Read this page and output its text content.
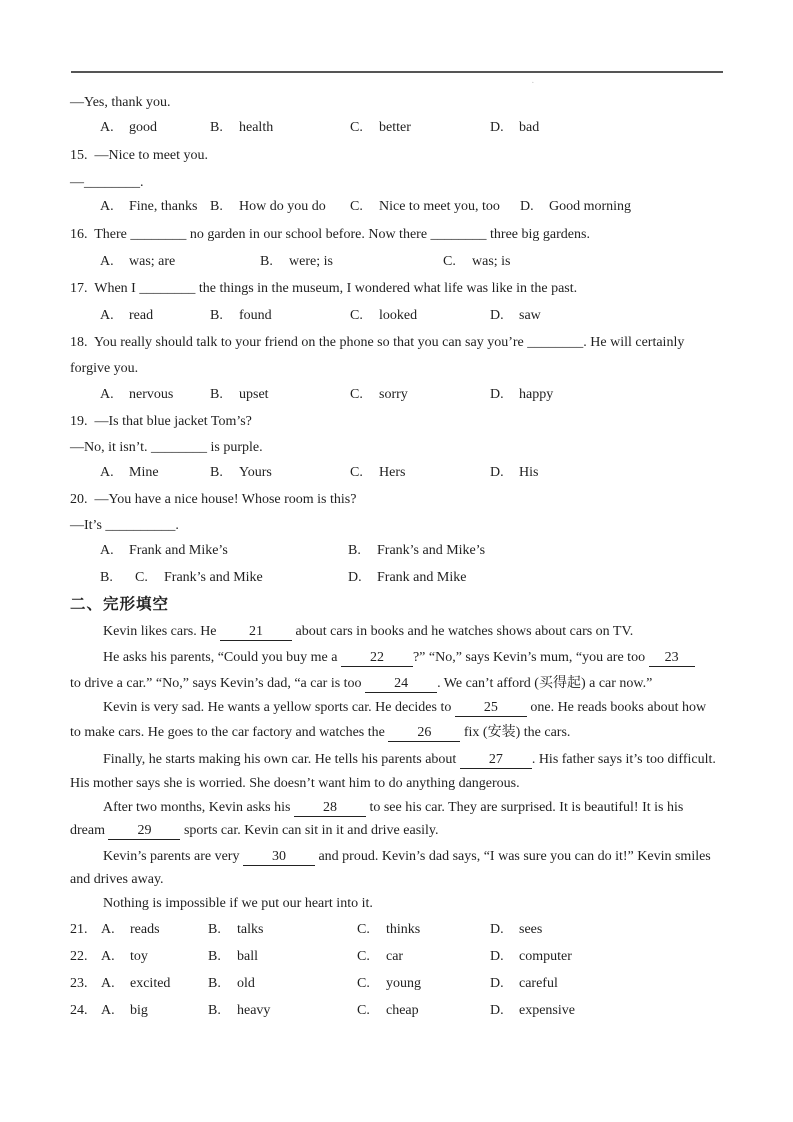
·
—Yes, thank you.
A. good	B. health	C. better	D. bad
15.  —Nice to meet you.
—________.
A. Fine, thanks B. How do you do C. Nice to meet you, too D. Good morning
16.  There ________ no garden in our school before. Now there ________ three big gardens.
A. was; are	B. were; is	C. was; is
17.  When I ________ the things in the museum, I wondered what life was like in the past.
A. read	B. found	C. looked	D. saw
18.  You really should talk to your friend on the phone so that you can say you’re ________. He will certainly
forgive you.
A. nervous	B. upset	C. sorry	D. happy
19.  —Is that blue jacket Tom’s?
—No, it isn’t. ________ is purple.
A. Mine	B. Yours	C. Hers	D. His
20.  —You have a nice house! Whose room is this?
—It’s __________.
A. Frank and Mike’s	B. Frank’s and Mike’s
B.	C. Frank’s and Mike	D. Frank and Mike
二、完形填空
Kevin likes cars. He 21 about cars in books and he watches shows about cars on TV.
He asks his parents, “Could you buy me a 22 ?” “No,” says Kevin’s mum, “you are too 23
to drive a car.” “No,” says Kevin’s dad, “a car is too 24 . We can’t afford (买得起) a car now.”
Kevin is very sad. He wants a yellow sports car. He decides to 25 one. He reads books about how
to make cars. He goes to the car factory and watches the 26 fix (安装) the cars.
Finally, he starts making his own car. He tells his parents about 27 . His father says it’s too difficult.
His mother says she is worried. She doesn’t want him to do anything dangerous.
After two months, Kevin asks his 28 to see his car. They are surprised. It is beautiful! It is his
dream 29 sports car. Kevin can sit in it and drive easily.
Kevin’s parents are very 30 and proud. Kevin’s dad says, “I was sure you can do it!” Kevin smiles
and drives away.
Nothing is impossible if we put our heart into it.
21. A. reads	B. talks	C. thinks	D. sees
22. A. toy	B. ball	C. car	D. computer
23. A. excited	B. old	C. young	D. careful
24. A. big	B. heavy	C. cheap	D. expensive
